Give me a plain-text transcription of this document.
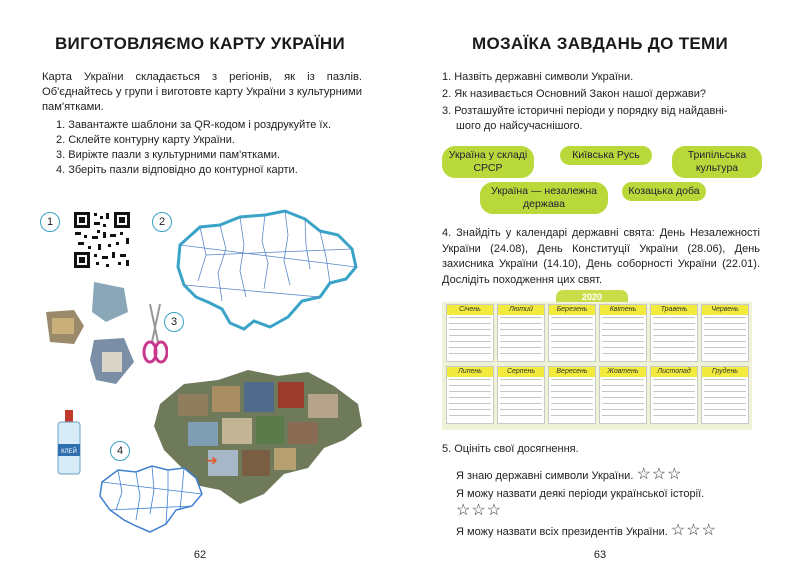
ВИГОТОВЛЯЄМО КАРТУ УКРАЇНИ
Карта України складається з регіонів, як із пазлів. Об'єднайтесь у групи і виготовте карту України з культурними пам'ятками.
1. Завантажте шаблони за QR-кодом і роздрукуйте їх.
2. Склейте контурну карту України.
3. Виріжте пазли з культурними пам'ятками.
4. Зберіть пазли відповідно до контурної карти.
1	2
3
4
КЛЕЙ	➜
62
МОЗАЇКА ЗАВДАНЬ ДО ТЕМИ
1. Назвіть державні символи України.
2. Як називається Основний Закон нашої держави?
3. Розташуйте історичні періоди у порядку від найдавні-
шого до найсучаснішого.
Україна у складі СРСР
Київська Русь	Трипільська культура
Україна — незалежна держава
Козацька доба
4. Знайдіть у календарі державні свята: День Незалежності України (24.08), День Конституції України (28.06), День захисника України (14.10), День соборності України (22.01). Дослідіть походження цих свят.
2020
Січень	Лютий	Березень	Квітень	Травень	Червень
Липень	Серпень	Вересень	Жовтень	Листопад	Грудень
5. Оцініть свої досягнення.
Я знаю державні символи України. ☆☆☆
Я можу назвати деякі періоди української історії.
☆☆☆
Я можу назвати всіх президентів України. ☆☆☆
63
